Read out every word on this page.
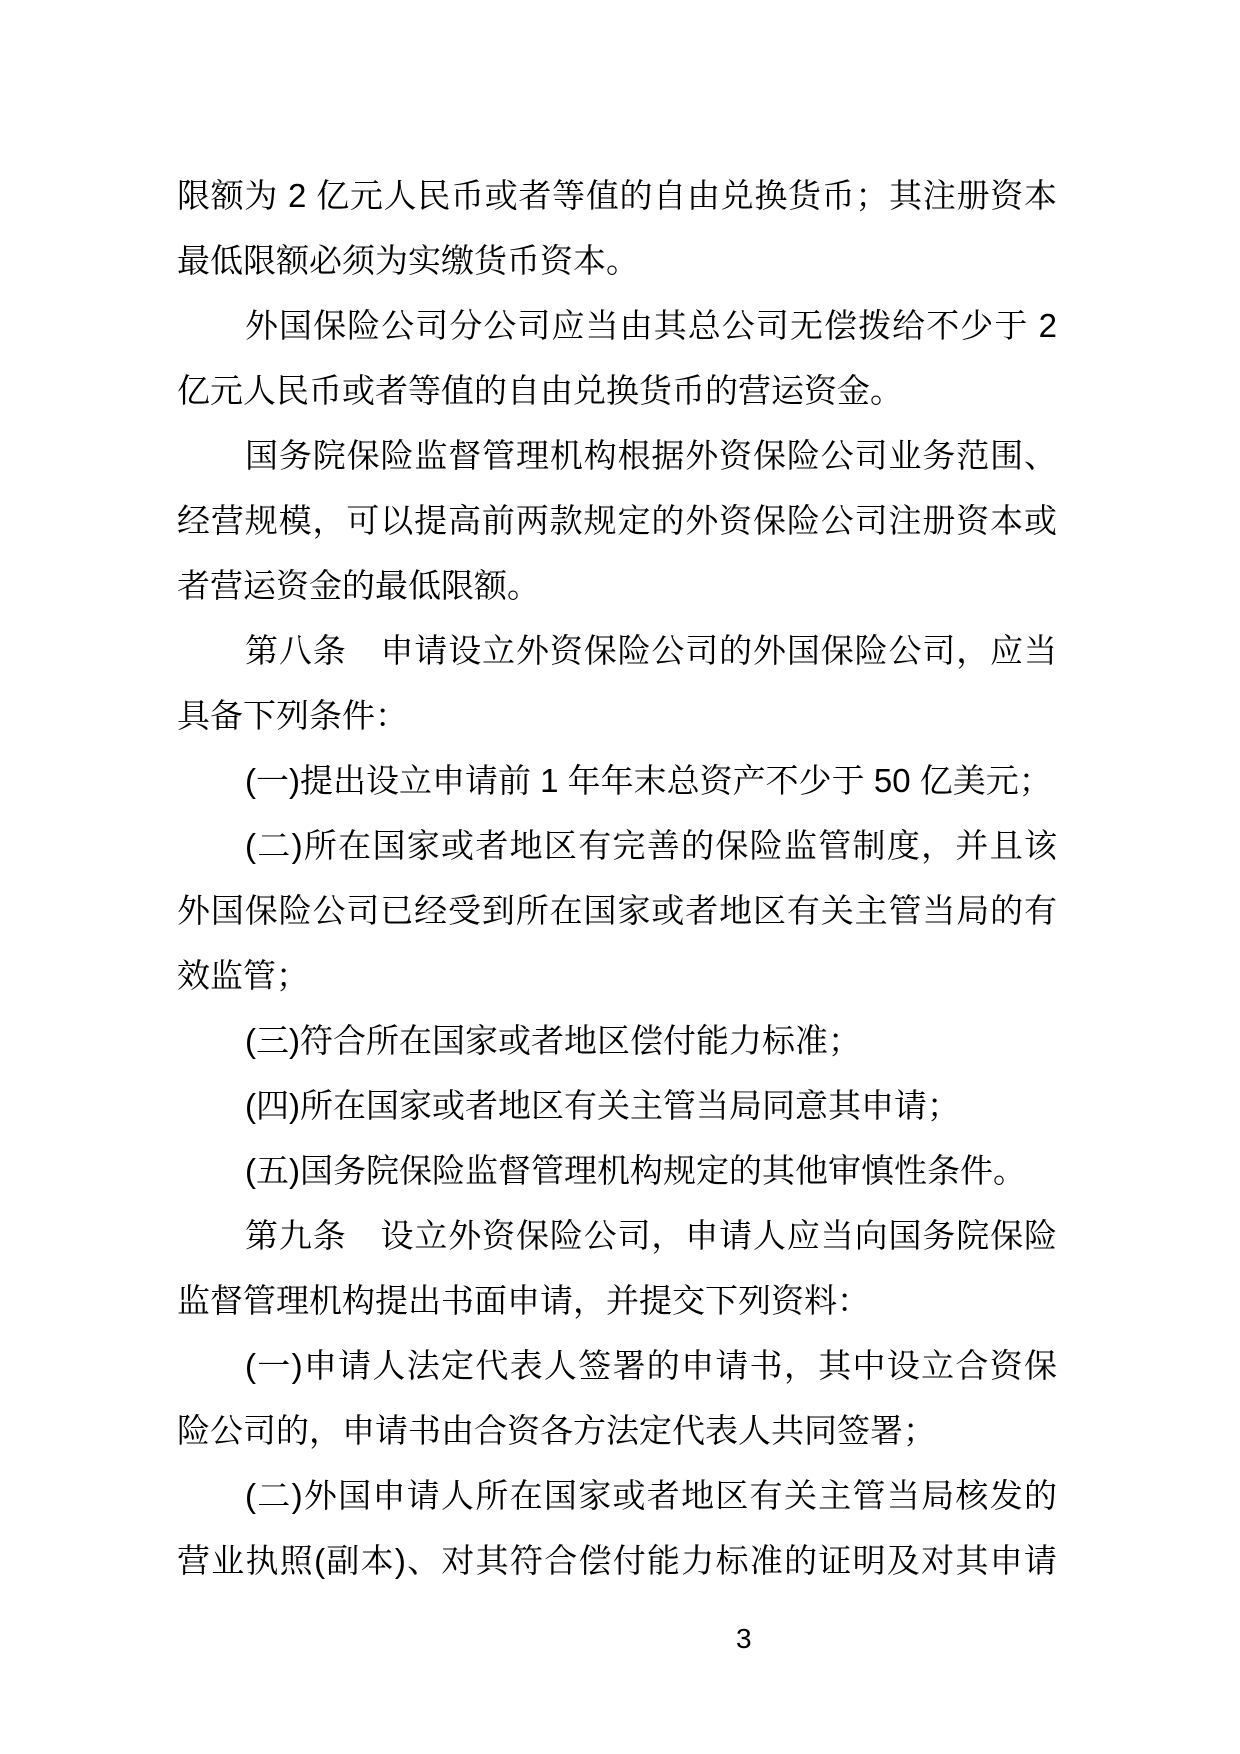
限额为 2 亿元人民币或者等值的自由兑换货币；其注册资本
最低限额必须为实缴货币资本。
外国保险公司分公司应当由其总公司无偿拨给不少于 2
亿元人民币或者等值的自由兑换货币的营运资金。
国务院保险监督管理机构根据外资保险公司业务范围、
经营规模，可以提高前两款规定的外资保险公司注册资本或
者营运资金的最低限额。
第八条　申请设立外资保险公司的外国保险公司，应当
具备下列条件：
(一)提出设立申请前 1 年年末总资产不少于 50 亿美元；
(二)所在国家或者地区有完善的保险监管制度，并且该
外国保险公司已经受到所在国家或者地区有关主管当局的有
效监管；
(三)符合所在国家或者地区偿付能力标准；
(四)所在国家或者地区有关主管当局同意其申请；
(五)国务院保险监督管理机构规定的其他审慎性条件。
第九条　设立外资保险公司，申请人应当向国务院保险
监督管理机构提出书面申请，并提交下列资料：
(一)申请人法定代表人签署的申请书，其中设立合资保
险公司的，申请书由合资各方法定代表人共同签署；
(二)外国申请人所在国家或者地区有关主管当局核发的
营业执照(副本)、对其符合偿付能力标准的证明及对其申请
3
